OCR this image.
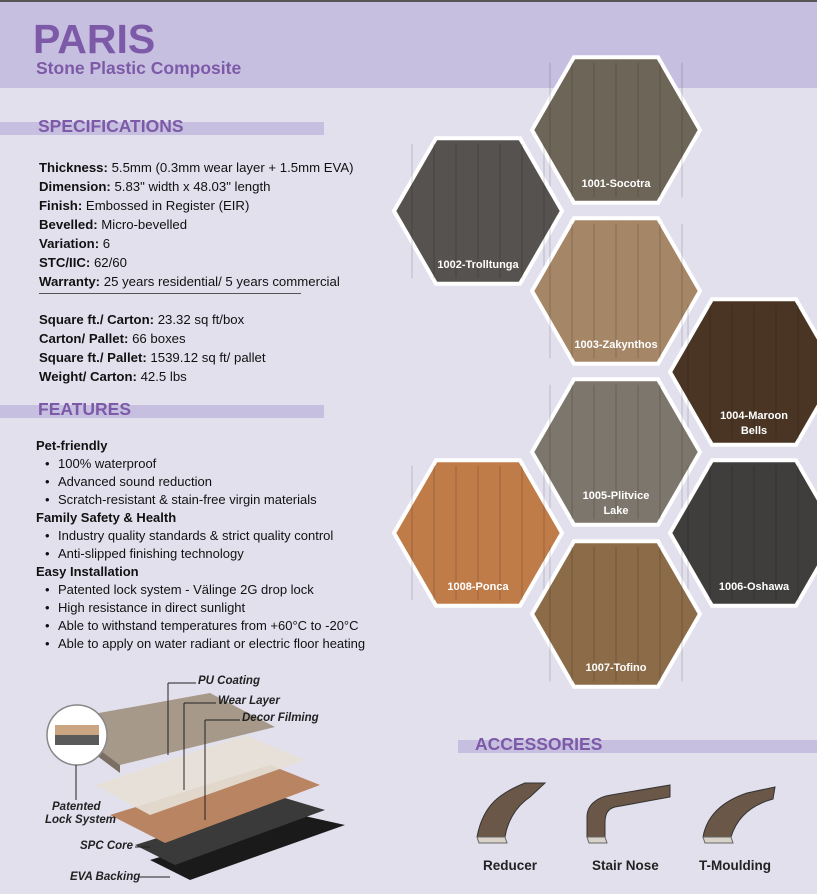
PARIS
Stone Plastic Composite
SPECIFICATIONS
Thickness: 5.5mm (0.3mm wear layer + 1.5mm EVA)
Dimension: 5.83" width x 48.03" length
Finish: Embossed in Register (EIR)
Bevelled: Micro-bevelled
Variation: 6
STC/IIC: 62/60
Warranty: 25 years residential/ 5 years commercial
Square ft./ Carton: 23.32 sq ft/box
Carton/ Pallet: 66 boxes
Square ft./ Pallet: 1539.12 sq ft/ pallet
Weight/ Carton: 42.5 lbs
FEATURES
Pet-friendly
• 100% waterproof
• Advanced sound reduction
• Scratch-resistant & stain-free virgin materials
Family Safety & Health
• Industry quality standards & strict quality control
• Anti-slipped finishing technology
Easy Installation
• Patented lock system - Välinge 2G drop lock
• High resistance in direct sunlight
• Able to withstand temperatures from +60°C to -20°C
• Able to apply on water radiant or electric floor heating
PU Coating
Wear Layer
Decor Filming
Patented
Lock System
SPC Core
EVA Backing
1001-Socotra
1002-Trolltunga
1003-Zakynthos
1004-Maroon
Bells
1005-Plitvice
Lake
1006-Oshawa
1008-Ponca
1007-Tofino
ACCESSORIES
Reducer	Stair Nose	T-Moulding
